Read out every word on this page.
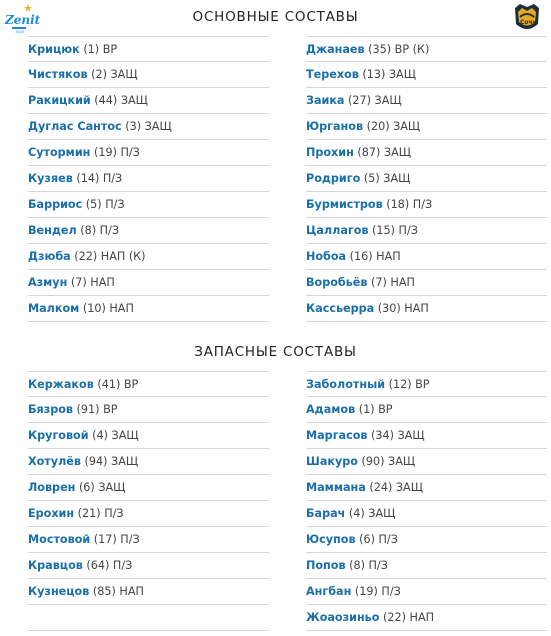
Zenit
1925
ОСНОВНЫЕ СОСТАВЫ	Сочи
Крицюк (1) ВР
Чистяков (2) ЗАЩ
Ракицкий (44) ЗАЩ
Дуглас Сантос (3) ЗАЩ
Сутормин (19) П/З
Кузяев (14) П/З
Барриос (5) П/З
Вендел (8) П/З
Дзюба (22) НАП (К)
Азмун (7) НАП
Малком (10) НАП
Джанаев (35) ВР (К)
Терехов (13) ЗАЩ
Заика (27) ЗАЩ
Юрганов (20) ЗАЩ
Прохин (87) ЗАЩ
Родриго (5) ЗАЩ
Бурмистров (18) П/З
Цаллагов (15) П/З
Нобоа (16) НАП
Воробьёв (7) НАП
Кассьерра (30) НАП
ЗАПАСНЫЕ СОСТАВЫ
Кержаков (41) ВР
Бязров (91) ВР
Круговой (4) ЗАЩ
Хотулёв (94) ЗАЩ
Ловрен (6) ЗАЩ
Ерохин (21) П/З
Мостовой (17) П/З
Кравцов (64) П/З
Кузнецов (85) НАП
Заболотный (12) ВР
Адамов (1) ВР
Маргасов (34) ЗАЩ
Шакуро (90) ЗАЩ
Маммана (24) ЗАЩ
Барач (4) ЗАЩ
Юсупов (6) П/З
Попов (8) П/З
Ангбан (19) П/З
Жоаозиньо (22) НАП
